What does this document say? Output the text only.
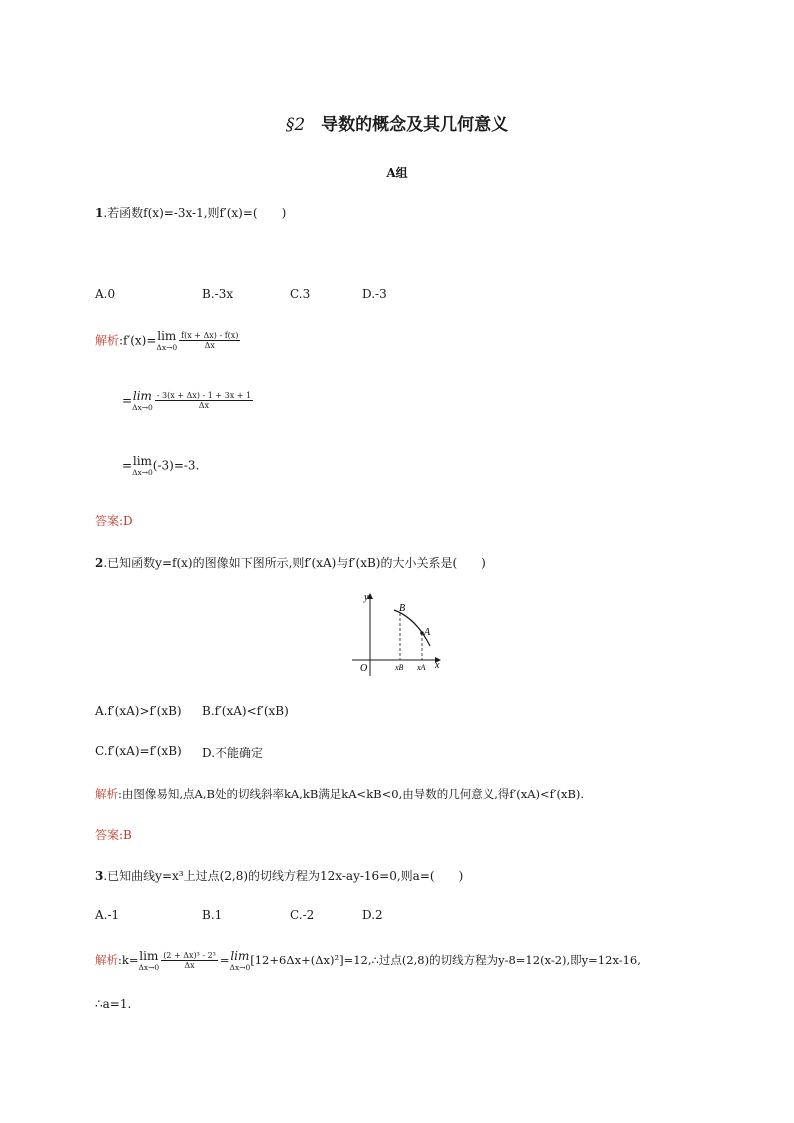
§2 导数的概念及其几何意义
A组
1.若函数f(x)=-3x-1,则f′(x)=(　　)
A.0	B.-3x	C.3	D.-3
解析:f′(x)= lim
$\Delta x\to 0 \frac{f(x + \Delta x) - f(x)}{\Delta x}$
= lim
$\Delta x\to 0 \frac{- 3(x + \Delta x) - 1 + 3x + 1}{\Delta x}$
= lim
Δx→0
(-3)=-3.
答案:D
2.已知函数y=f(x)的图像如下图所示,则f′(xA)与f′(xB)的大小关系是(　　)
y
x
O
B
A
xB xA
A.f′(xA)>f′(xB) B.f′(xA)<f′(xB)
C.f′(xA)=f′(xB) D.不能确定
解析:由图像易知,点A,B处的切线斜率kA,kB满足kA<kB<0,由导数的几何意义,得f′(xA)<f′(xB).
答案:B
3.已知曲线y=x³上过点(2,8)的切线方程为12x-ay-16=0,则a=(　　)
A.-1	B.1	C.-2	D.2
解析:k= lim
$\Delta x\to 0 \frac{\text{(2 + Δx)³ - 2³}}{\Delta x} = \lim$
Δx→0
[12+6Δx+(Δx)²]=12,∴过点(2,8)的切线方程为y-8=12(x-2),即y=12x-16,
∴a=1.
